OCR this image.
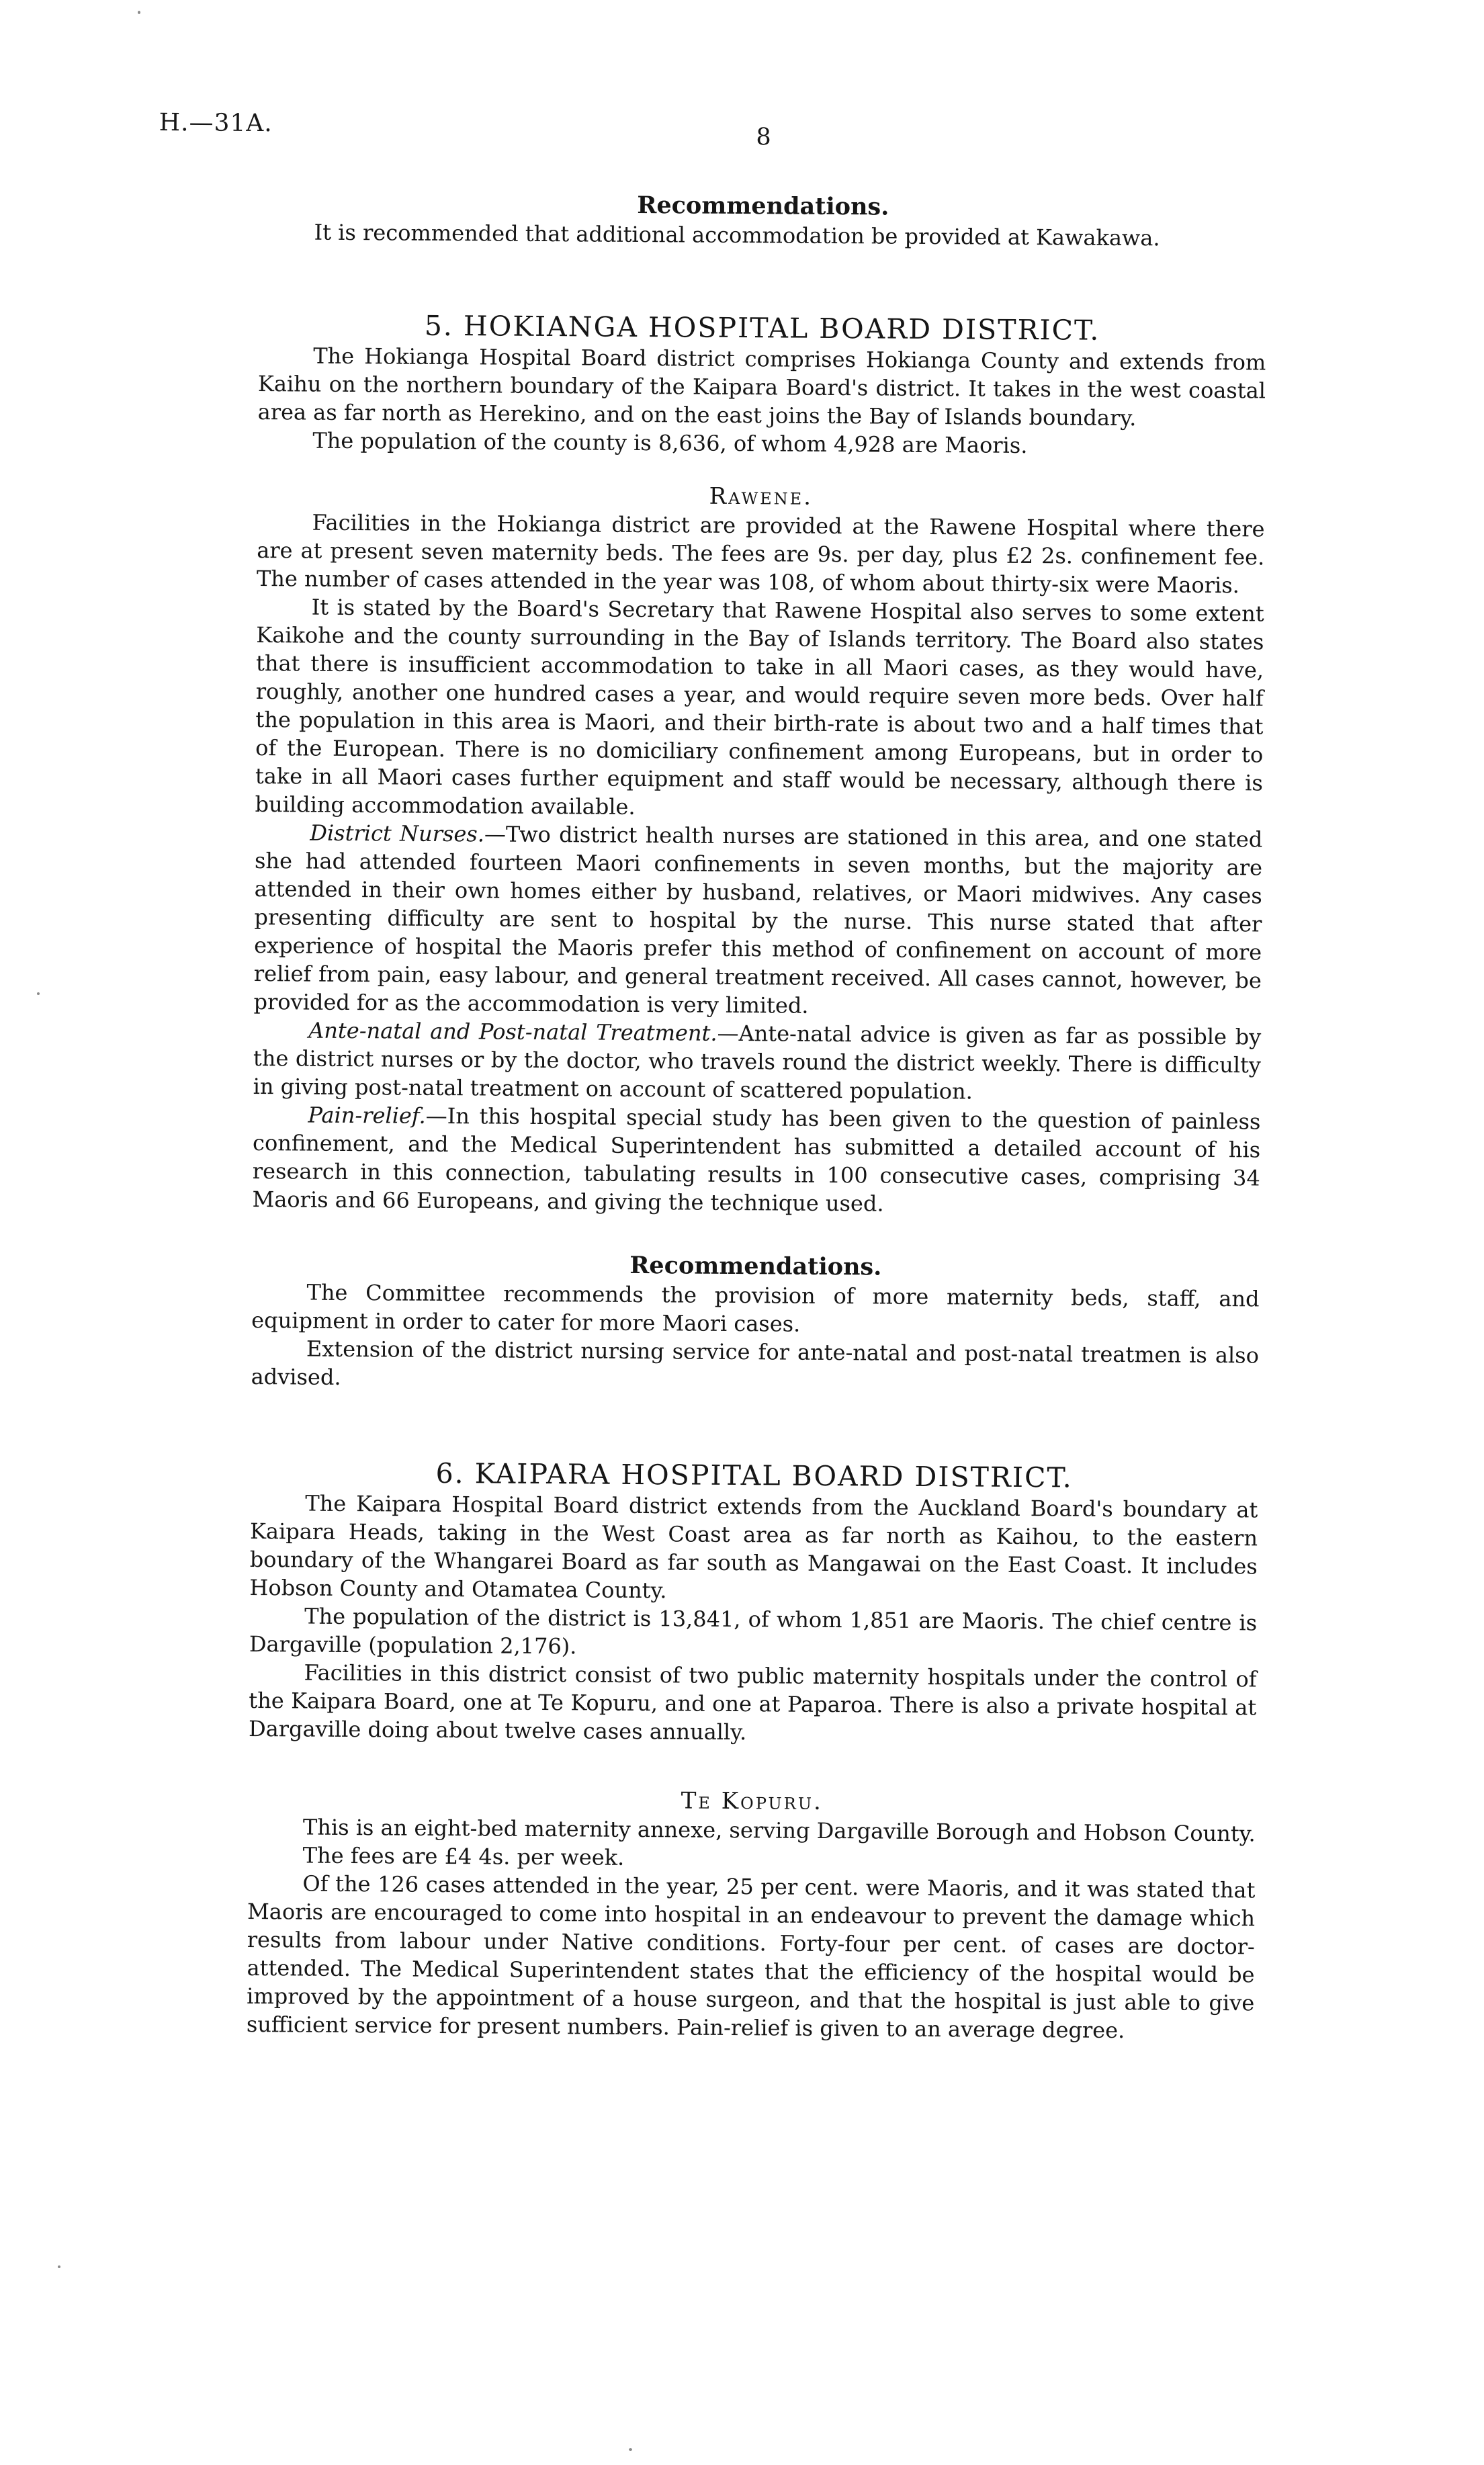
H.—31A.
8
Recommendations.

It is recommended that additional accommodation be provided at Kawakawa.

5. HOKIANGA HOSPITAL BOARD DISTRICT.

The Hokianga Hospital Board district comprises Hokianga County and extends from Kaihu on the northern boundary of the Kaipara Board's district. It takes in the west coastal area as far north as Herekino, and on the east joins the Bay of Islands boundary.

The population of the county is 8,636, of whom 4,928 are Maoris.

Rawene.

Facilities in the Hokianga district are provided at the Rawene Hospital where there are at present seven maternity beds. The fees are 9s. per day, plus £2 2s. confinement fee. The number of cases attended in the year was 108, of whom about thirty-six were Maoris.

It is stated by the Board's Secretary that Rawene Hospital also serves to some extent Kaikohe and the county surrounding in the Bay of Islands territory. The Board also states that there is insufficient accommodation to take in all Maori cases, as they would have, roughly, another one hundred cases a year, and would require seven more beds. Over half the population in this area is Maori, and their birth-rate is about two and a half times that of the European. There is no domiciliary confinement among Europeans, but in order to take in all Maori cases further equipment and staff would be necessary, although there is building accommodation available.

District Nurses.—Two district health nurses are stationed in this area, and one stated she had attended fourteen Maori confinements in seven months, but the majority are attended in their own homes either by husband, relatives, or Maori midwives. Any cases presenting difficulty are sent to hospital by the nurse. This nurse stated that after experience of hospital the Maoris prefer this method of confinement on account of more relief from pain, easy labour, and general treatment received. All cases cannot, however, be provided for as the accommodation is very limited.

Ante-natal and Post-natal Treatment.—Ante-natal advice is given as far as possible by the district nurses or by the doctor, who travels round the district weekly. There is difficulty in giving post-natal treatment on account of scattered population.

Pain-relief.—In this hospital special study has been given to the question of painless confinement, and the Medical Superintendent has submitted a detailed account of his research in this connection, tabulating results in 100 consecutive cases, comprising 34 Maoris and 66 Europeans, and giving the technique used.

Recommendations.

The Committee recommends the provision of more maternity beds, staff, and equipment in order to cater for more Maori cases.

Extension of the district nursing service for ante-natal and post-natal treatmen is also advised.

6. KAIPARA HOSPITAL BOARD DISTRICT.

The Kaipara Hospital Board district extends from the Auckland Board's boundary at Kaipara Heads, taking in the West Coast area as far north as Kaihou, to the eastern boundary of the Whangarei Board as far south as Mangawai on the East Coast. It includes Hobson County and Otamatea County.

The population of the district is 13,841, of whom 1,851 are Maoris. The chief centre is Dargaville (population 2,176).

Facilities in this district consist of two public maternity hospitals under the control of the Kaipara Board, one at Te Kopuru, and one at Paparoa. There is also a private hospital at Dargaville doing about twelve cases annually.

Te Kopuru.

This is an eight-bed maternity annexe, serving Dargaville Borough and Hobson County.

The fees are £4 4s. per week.

Of the 126 cases attended in the year, 25 per cent. were Maoris, and it was stated that Maoris are encouraged to come into hospital in an endeavour to prevent the damage which results from labour under Native conditions. Forty-four per cent. of cases are doctor-attended. The Medical Superintendent states that the efficiency of the hospital would be improved by the appointment of a house surgeon, and that the hospital is just able to give sufficient service for present numbers. Pain-relief is given to an average degree.
